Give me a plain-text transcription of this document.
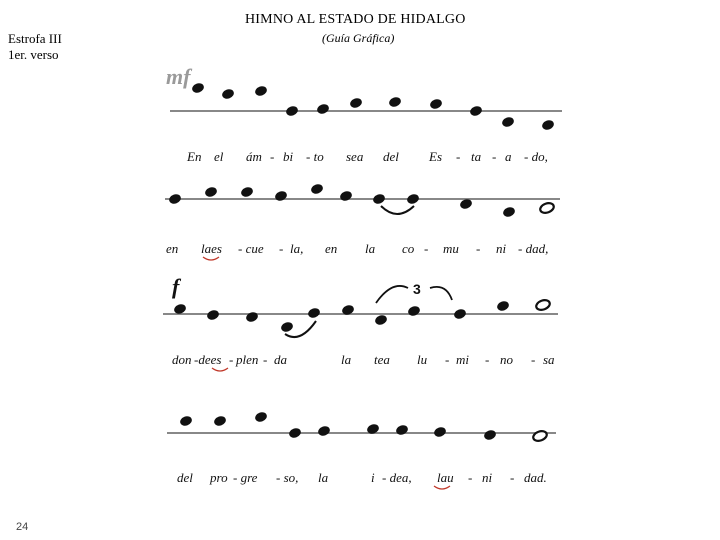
HIMNO AL ESTADO DE HIDALGO
(Guía Gráfica)
Estrofa III
1er. verso
mf
f	3
En el ám - bi - to sea del Es - ta - a - do,
en laes - cue - la, en la co - mu - ni - dad,
don -dees - plen - da	la tea lu - mi - no - sa
del pro - gre - so, la	i - dea, lau - ni - dad.
24
